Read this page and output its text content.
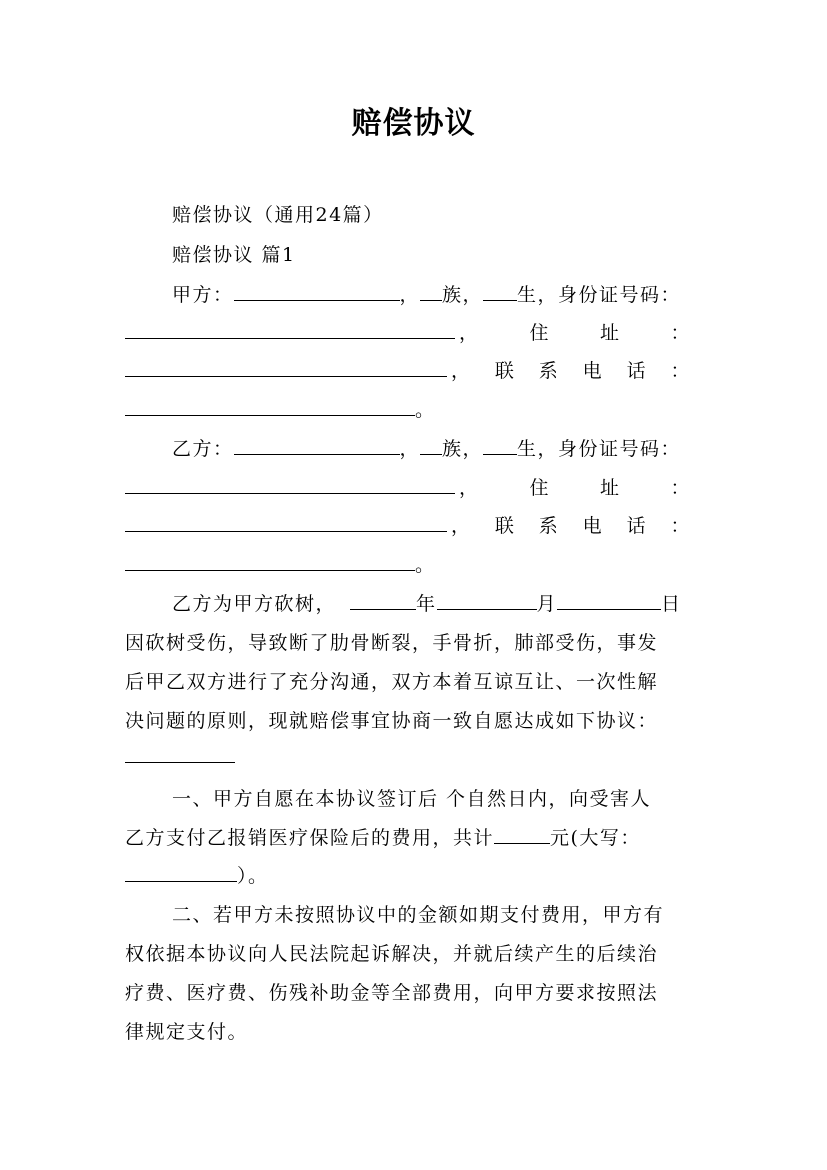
赔偿协议
赔偿协议（通用24篇）
赔偿协议 篇1
甲方：	， 族， 生，身份证号码：
，	住	址	：
， 联 系 电 话 ：
。
乙方：	， 族， 生，身份证号码：
，	住	址	：
， 联 系 电 话 ：
。
乙方为甲方砍树，	年	月	日
因砍树受伤，导致断了肋骨断裂，手骨折，肺部受伤，事发
后甲乙双方进行了充分沟通，双方本着互谅互让、一次性解
决问题的原则，现就赔偿事宜协商一致自愿达成如下协议：
一、甲方自愿在本协议签订后 个自然日内，向受害人
乙方支付乙报销医疗保险后的费用，共计	元(大写：
）。
二、若甲方未按照协议中的金额如期支付费用，甲方有
权依据本协议向人民法院起诉解决，并就后续产生的后续治
疗费、医疗费、伤残补助金等全部费用，向甲方要求按照法
律规定支付。
